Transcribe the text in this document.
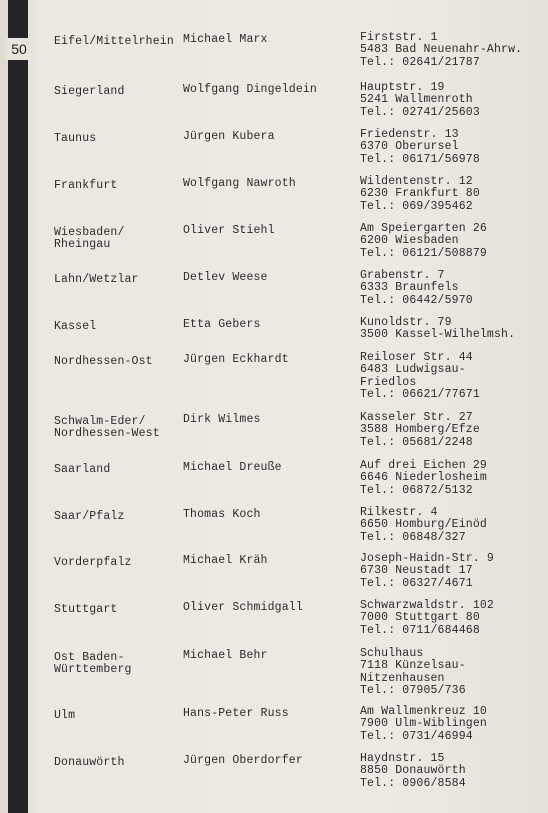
50	Eifel/Mittelrhein Michael Marx	Firststr. 1
5483 Bad Neuenahr-Ahrw.
Tel.: 02641/21787
Siegerland	Wolfgang Dingeldein	Hauptstr. 19
5241 Wallmenroth
Tel.: 02741/25603
Taunus	Jürgen Kubera	Friedenstr. 13
6370 Oberursel
Tel.: 06171/56978
Frankfurt	Wolfgang Nawroth	Wildentenstr. 12
6230 Frankfurt 80
Tel.: 069/395462
Wiesbaden/
Rheingau
Oliver Stiehl	Am Speiergarten 26
6200 Wiesbaden
Tel.: 06121/508879
Lahn/Wetzlar	Detlev Weese	Grabenstr. 7
6333 Braunfels
Tel.: 06442/5970
Kassel	Etta Gebers	Kunoldstr. 79
3500 Kassel-Wilhelmsh.
Nordhessen-Ost	Jürgen Eckhardt	Reiloser Str. 44
6483 Ludwigsau-
Friedlos
Tel.: 06621/77671
Schwalm-Eder/
Nordhessen-West
Dirk Wilmes	Kasseler Str. 27
3588 Homberg/Efze
Tel.: 05681/2248
Saarland	Michael Dreuße	Auf drei Eichen 29
6646 Niederlosheim
Tel.: 06872/5132
Saar/Pfalz	Thomas Koch	Rilkestr. 4
6650 Homburg/Einöd
Tel.: 06848/327
Vorderpfalz	Michael Kräh	Joseph-Haidn-Str. 9
6730 Neustadt 17
Tel.: 06327/4671
Stuttgart	Oliver Schmidgall	Schwarzwaldstr. 102
7000 Stuttgart 80
Tel.: 0711/684468
Ost Baden-
Württemberg
Michael Behr	Schulhaus
7118 Künzelsau-
Nitzenhausen
Tel.: 07905/736
Ulm	Hans-Peter Russ	Am Wallmenkreuz 10
7900 Ulm-Wiblingen
Tel.: 0731/46994
Donauwörth	Jürgen Oberdorfer	Haydnstr. 15
8850 Donauwörth
Tel.: 0906/8584
